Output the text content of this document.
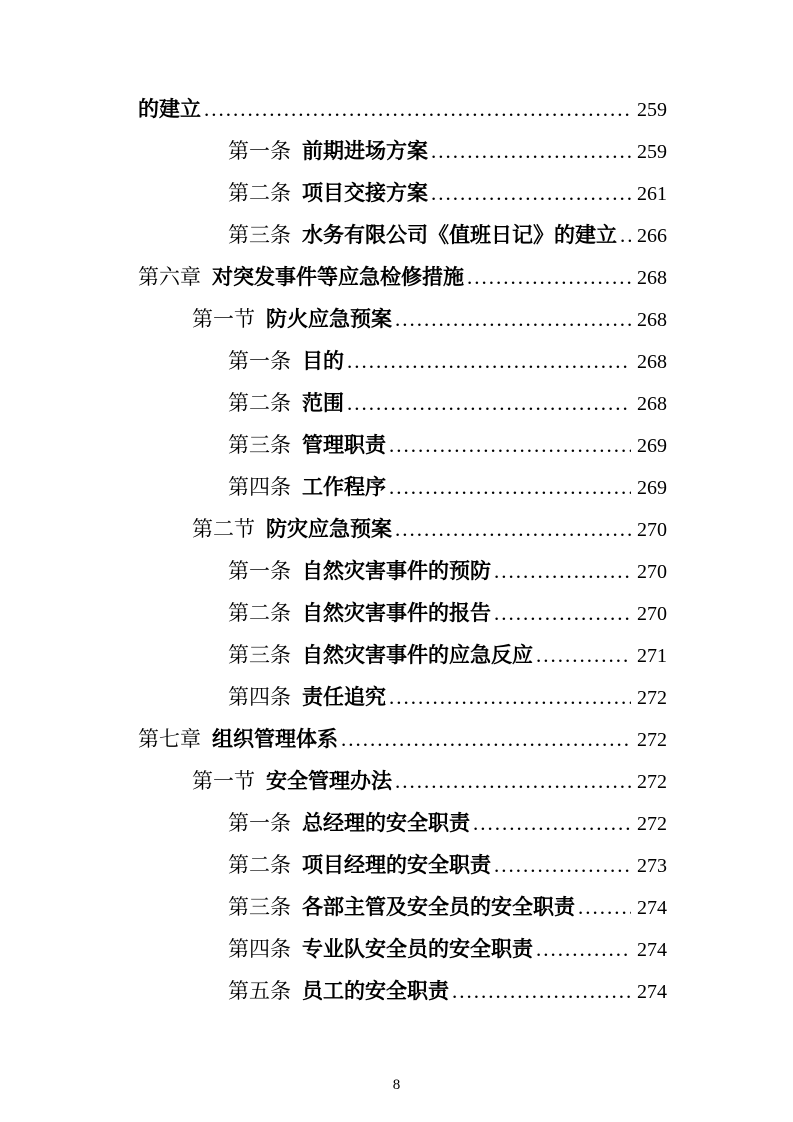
的建立 .....	259
第一条 前期进场方案 .....	259
第二条 项目交接方案 .....	261
第三条 水务有限公司《值班日记》的建立 ..... 266
第六章 对突发事件等应急检修措施 .....	268
第一节 防火应急预案 .....	268
第一条 目的 .....	268
第二条 范围 .....	268
第三条 管理职责 .....	269
第四条 工作程序 .....	269
第二节 防灾应急预案 .....	270
第一条 自然灾害事件的预防 .....	270
第二条 自然灾害事件的报告 .....	270
第三条 自然灾害事件的应急反应 .....	271
第四条 责任追究 .....	272
第七章 组织管理体系 .....	272
第一节 安全管理办法 .....	272
第一条 总经理的安全职责 .....	272
第二条 项目经理的安全职责 .....	273
第三条 各部主管及安全员的安全职责 .....	274
第四条 专业队安全员的安全职责 .....	274
第五条 员工的安全职责 .....	274
8
